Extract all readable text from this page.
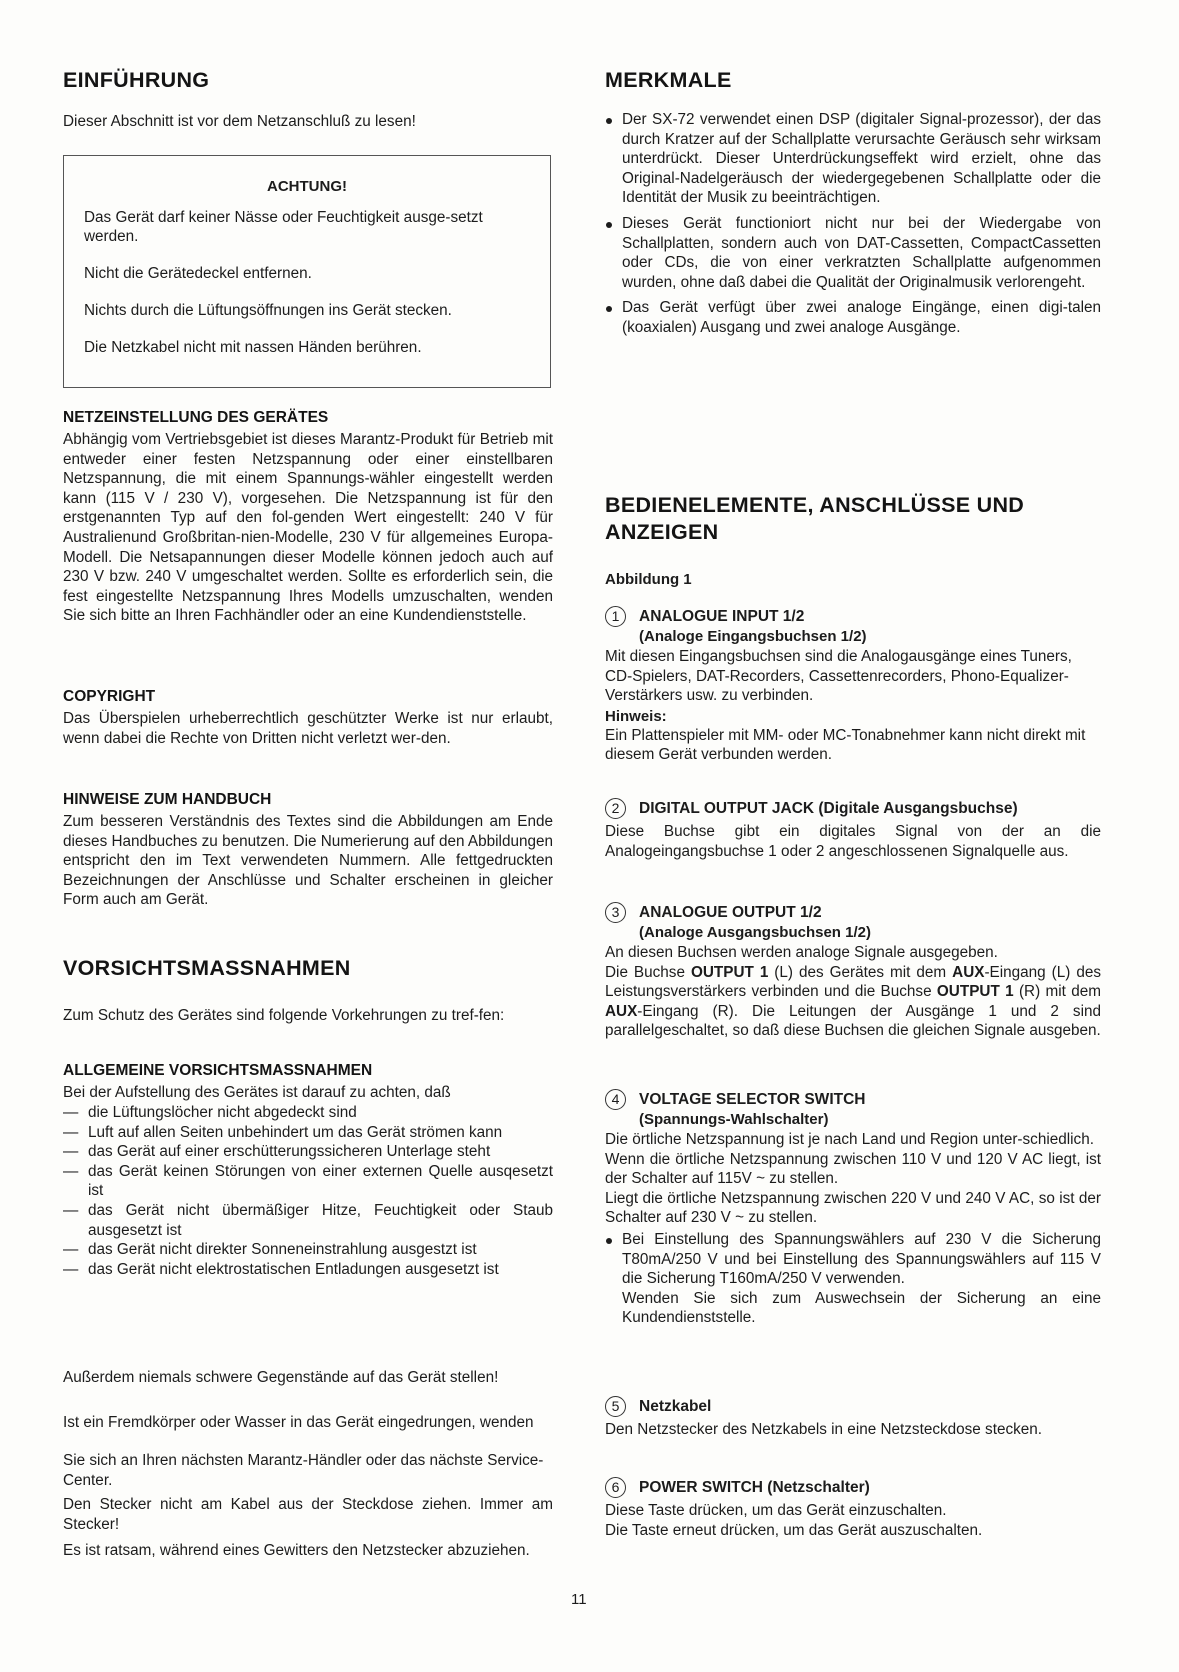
EINFÜHRUNG

Dieser Abschnitt ist vor dem Netzanschluß zu lesen!

ACHTUNG!

Das Gerät darf keiner Nässe oder Feuchtigkeit ausge-setzt werden.

Nicht die Gerätedeckel entfernen.

Nichts durch die Lüftungsöffnungen ins Gerät stecken.

Die Netzkabel nicht mit nassen Händen berühren.

NETZEINSTELLUNG DES GERÄTES

Abhängig vom Vertriebsgebiet ist dieses Marantz-Produkt für Betrieb mit entweder einer festen Netzspannung oder einer einstellbaren Netzspannung, die mit einem Spannungs-wähler eingestellt werden kann (115 V / 230 V), vorgesehen. Die Netzspannung ist für den erstgenannten Typ auf den fol-genden Wert eingestellt: 240 V für Australienund Großbritan-nien-Modelle, 230 V für allgemeines Europa-Modell. Die Netsapannungen dieser Modelle können jedoch auch auf 230 V bzw. 240 V umgeschaltet werden. Sollte es erforderlich sein, die fest eingestellte Netzspannung Ihres Modells umzuschalten, wenden Sie sich bitte an Ihren Fachhändler oder an eine Kundendienststelle.

COPYRIGHT

Das Überspielen urheberrechtlich geschützter Werke ist nur erlaubt, wenn dabei die Rechte von Dritten nicht verletzt wer-den.

HINWEISE ZUM HANDBUCH

Zum besseren Verständnis des Textes sind die Abbildungen am Ende dieses Handbuches zu benutzen. Die Numerierung auf den Abbildungen entspricht den im Text verwendeten Nummern. Alle fettgedruckten Bezeichnungen der Anschlüsse und Schalter erscheinen in gleicher Form auch am Gerät.

VORSICHTSMASSNAHMEN

Zum Schutz des Gerätes sind folgende Vorkehrungen zu tref-fen:

ALLGEMEINE VORSICHTSMASSNAHMEN

Bei der Aufstellung des Gerätes ist darauf zu achten, daß

— die Lüftungslöcher nicht abgedeckt sind
— Luft auf allen Seiten unbehindert um das Gerät strömen kann
— das Gerät auf einer erschütterungssicheren Unterlage steht
— das Gerät keinen Störungen von einer externen Quelle ausqesetzt ist
— das Gerät nicht übermäßiger Hitze, Feuchtigkeit oder Staub ausgesetzt ist
— das Gerät nicht direkter Sonneneinstrahlung ausgestzt ist
— das Gerät nicht elektrostatischen Entladungen ausgesetzt ist

Außerdem niemals schwere Gegenstände auf das Gerät stellen!

Ist ein Fremdkörper oder Wasser in das Gerät eingedrungen, wenden

Sie sich an Ihren nächsten Marantz-Händler oder das nächste Service-Center.

Den Stecker nicht am Kabel aus der Steckdose ziehen. Immer am Stecker!

Es ist ratsam, während eines Gewitters den Netzstecker abzuziehen.

MERKMALE
Der SX-72 verwendet einen DSP (digitaler Signal-prozessor), der das durch Kratzer auf der Schallplatte verursachte Geräusch sehr wirksam unterdrückt. Dieser Unterdrückungseffekt wird erzielt, ohne das Original-Nadelgeräusch der wiedergegebenen Schallplatte oder die Identität der Musik zu beeinträchtigen.
Dieses Gerät functioniort nicht nur bei der Wiedergabe von Schallplatten, sondern auch von DAT-Cassetten, CompactCassetten oder CDs, die von einer verkratzten Schallplatte aufgenommen wurden, ohne daß dabei die Qualität der Originalmusik verlorengeht.
Das Gerät verfügt über zwei analoge Eingänge, einen digi-talen (koaxialen) Ausgang und zwei analoge Ausgänge.
BEDIENELEMENTE, ANSCHLÜSSE UND ANZEIGEN
Abbildung 1
1	ANALOGUE INPUT 1/2
(Analoge Eingangsbuchsen 1/2)

Mit diesen Eingangsbuchsen sind die Analogausgänge eines Tuners, CD-Spielers, DAT-Recorders, Cassettenrecorders, Phono-Equalizer-Verstärkers usw. zu verbinden.

Hinweis:

Ein Plattenspieler mit MM- oder MC-Tonabnehmer kann nicht direkt mit diesem Gerät verbunden werden.

2	DIGITAL OUTPUT JACK (Digitale Ausgangsbuchse)

Diese Buchse gibt ein digitales Signal von der an die Analogeingangsbuchse 1 oder 2 angeschlossenen Signalquelle aus.

3	ANALOGUE OUTPUT 1/2
(Analoge Ausgangsbuchsen 1/2)

An diesen Buchsen werden analoge Signale ausgegeben.

Die Buchse OUTPUT 1 (L) des Gerätes mit dem AUX-Eingang (L) des Leistungsverstärkers verbinden und die Buchse OUTPUT 1 (R) mit dem AUX-Eingang (R). Die Leitungen der Ausgänge 1 und 2 sind parallelgeschaltet, so daß diese Buchsen die gleichen Signale ausgeben.

4	VOLTAGE SELECTOR SWITCH
(Spannungs-Wahlschalter)

Die örtliche Netzspannung ist je nach Land und Region unter-schiedlich.

Wenn die örtliche Netzspannung zwischen 110 V und 120 V AC liegt, ist der Schalter auf 115V ~ zu stellen.

Liegt die örtliche Netzspannung zwischen 220 V und 240 V AC, so ist der Schalter auf 230 V ~ zu stellen.

Bei Einstellung des Spannungswählers auf 230 V die Sicherung T80mA/250 V und bei Einstellung des Spannungswählers auf 115 V die Sicherung T160mA/250 V verwenden.
Wenden Sie sich zum Auswechsein der Sicherung an eine Kundendienststelle.
5	Netzkabel

Den Netzstecker des Netzkabels in eine Netzsteckdose stecken.

6	POWER SWITCH (Netzschalter)

Diese Taste drücken, um das Gerät einzuschalten.

Die Taste erneut drücken, um das Gerät auszuschalten.

11
